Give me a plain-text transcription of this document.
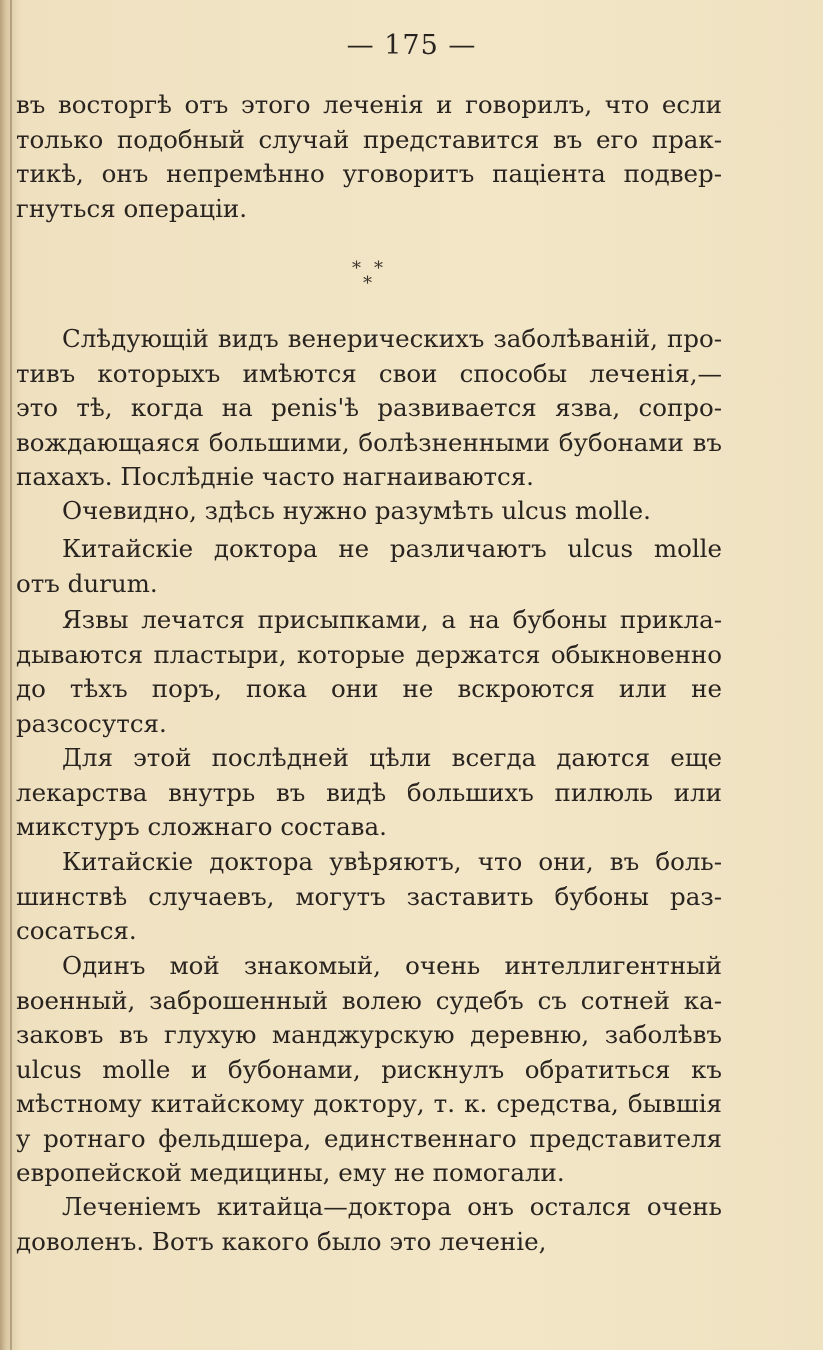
— 175 —
въ восторгѣ отъ этого леченія и говорилъ, что если
только подобный случай представится въ его прак-
тикѣ, онъ непремѣнно уговоритъ паціента подвер-
гнуться операціи.
* *
*
Слѣдующій видъ венерическихъ заболѣваній, про-
тивъ которыхъ имѣются свои способы леченія,—
это тѣ, когда на penis'ѣ развивается язва, сопро-
вождающаяся большими, болѣзненными бубонами въ
пахахъ. Послѣдніе часто нагнаиваются.
Очевидно, здѣсь нужно разумѣть ulcus molle.
Китайскіе доктора не различаютъ ulcus molle
отъ durum.
Язвы лечатся присыпками, а на бубоны прикла-
дываются пластыри, которые держатся обыкновенно
до тѣхъ поръ, пока они не вскроются или не
разсосутся.
Для этой послѣдней цѣли всегда даются еще
лекарства внутрь въ видѣ большихъ пилюль или
микстуръ сложнаго состава.
Китайскіе доктора увѣряютъ, что они, въ боль-
шинствѣ случаевъ, могутъ заставить бубоны раз-
сосаться.
Одинъ мой знакомый, очень интеллигентный
военный, заброшенный волею судебъ съ сотней ка-
заковъ въ глухую манджурскую деревню, заболѣвъ
ulcus molle и бубонами, рискнулъ обратиться къ
мѣстному китайскому доктору, т. к. средства, бывшія
у ротнаго фельдшера, единственнаго представителя
европейской медицины, ему не помогали.
Леченіемъ китайца—доктора онъ остался очень
доволенъ. Вотъ какого было это леченіе,
